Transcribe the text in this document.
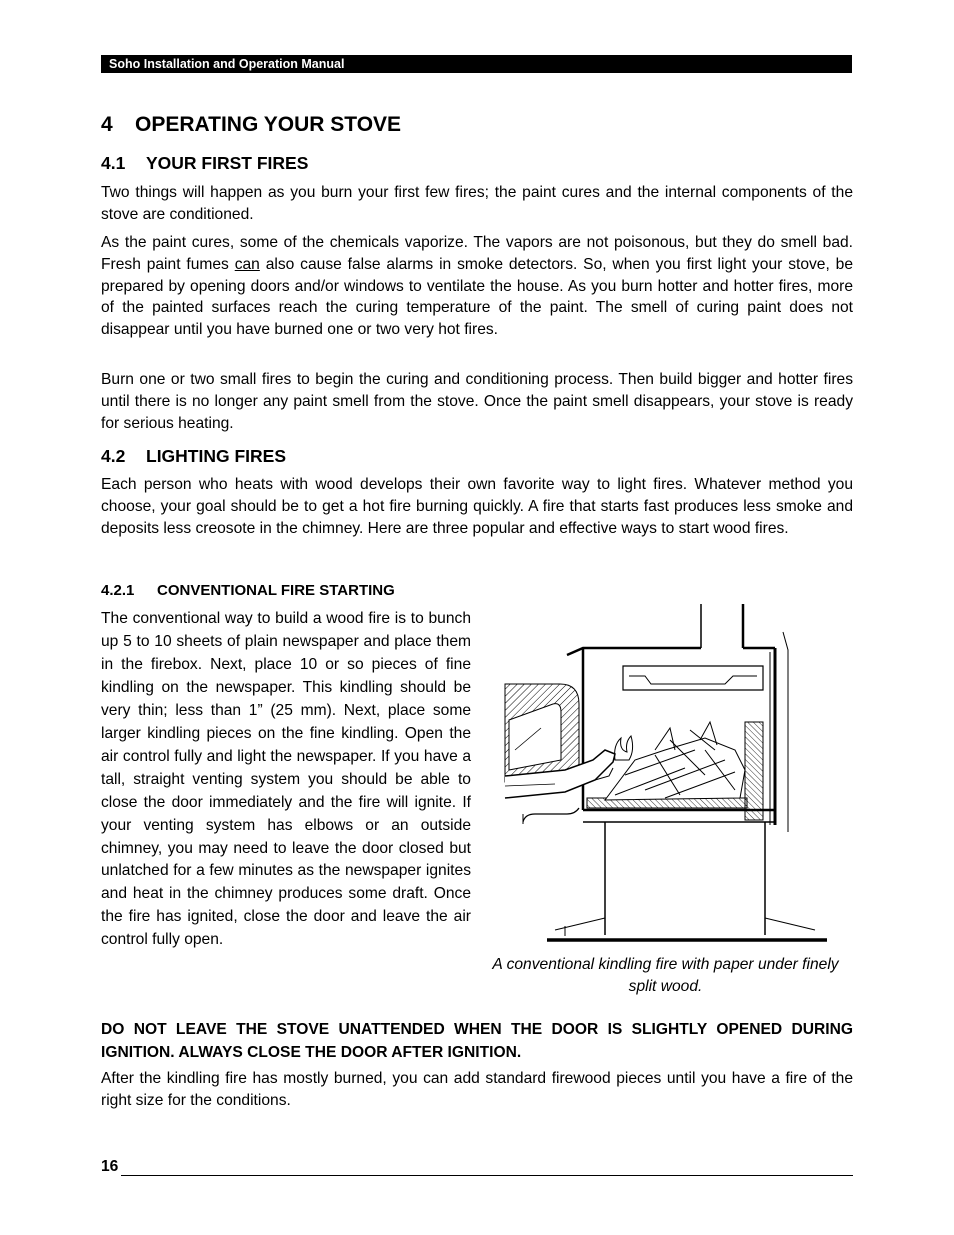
Soho Installation and Operation Manual
4 OPERATING YOUR STOVE
4.1 YOUR FIRST FIRES

Two things will happen as you burn your first few fires; the paint cures and the internal components of the stove are conditioned.

As the paint cures, some of the chemicals vaporize. The vapors are not poisonous, but they do smell bad. Fresh paint fumes can also cause false alarms in smoke detectors. So, when you first light your stove, be prepared by opening doors and/or windows to ventilate the house. As you burn hotter and hotter fires, more of the painted surfaces reach the curing temperature of the paint. The smell of curing paint does not disappear until you have burned one or two very hot fires.

Burn one or two small fires to begin the curing and conditioning process. Then build bigger and hotter fires until there is no longer any paint smell from the stove. Once the paint smell disappears, your stove is ready for serious heating.

4.2 LIGHTING FIRES

Each person who heats with wood develops their own favorite way to light fires. Whatever method you choose, your goal should be to get a hot fire burning quickly. A fire that starts fast produces less smoke and deposits less creosote in the chimney. Here are three popular and effective ways to start wood fires.

4.2.1 CONVENTIONAL FIRE STARTING

The conventional way to build a wood fire is to bunch up 5 to 10 sheets of plain newspaper and place them in the firebox. Next, place 10 or so pieces of fine kindling on the newspaper. This kindling should be very thin; less than 1” (25 mm). Next, place some larger kindling pieces on the fine kindling. Open the air control fully and light the newspaper. If you have a tall, straight venting system you should be able to close the door immediately and the fire will ignite. If your venting system has elbows or an outside chimney, you may need to leave the door closed but unlatched for a few minutes as the newspaper ignites and heat in the chimney produces some draft. Once the fire has ignited, close the door and leave the air control fully open.

A conventional kindling fire with paper under finely split wood.

DO NOT LEAVE THE STOVE UNATTENDED WHEN THE DOOR IS SLIGHTLY OPENED DURING IGNITION. ALWAYS CLOSE THE DOOR AFTER IGNITION.

After the kindling fire has mostly burned, you can add standard firewood pieces until you have a fire of the right size for the conditions.

16
